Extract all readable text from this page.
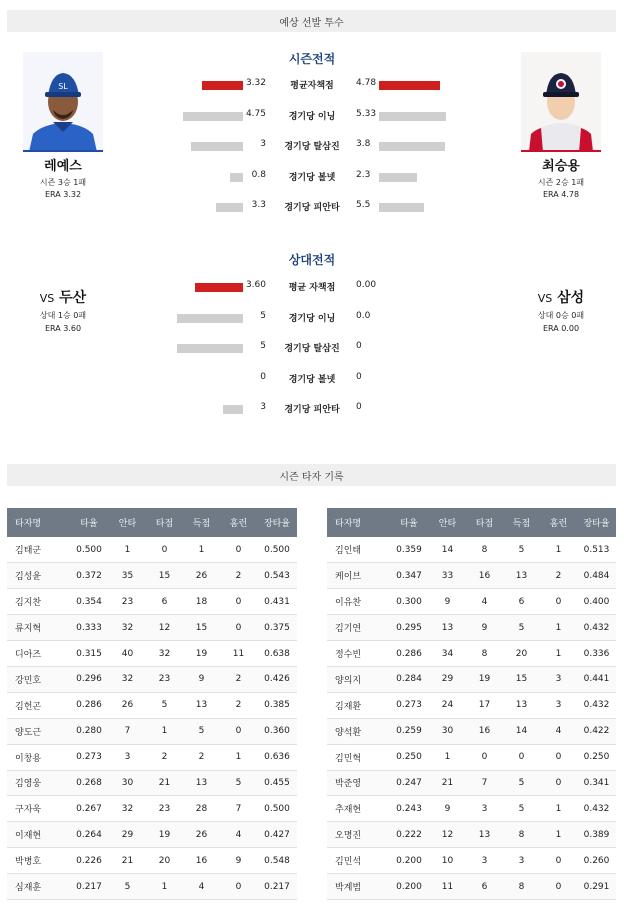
예상 선발 투수
시즌전적
SL
레예스
시즌 3승 1패
ERA 3.32
최승용
시즌 2승 1패
ERA 4.78
3.32	평균자책점	4.78
4.75	경기당 이닝	5.33
3	경기당 탈삼진	3.8
0.8	경기당 볼넷	2.3
3.3	경기당 피안타	5.5
상대전적
VS 두산
상대 1승 0패
ERA 3.60
VS 삼성
상대 0승 0패
ERA 0.00
3.60	평균 자책점	0.00
5	경기당 이닝	0.0
5	경기당 탈삼진	0
0	경기당 볼넷	0
3	경기당 피안타	0
시즌 타자 기록
타자명	타율	안타	타점	득점	홈런	장타율
김태군	0.500	1	0	1	0	0.500
김성윤	0.372	35	15	26	2	0.543
김지찬	0.354	23	6	18	0	0.431
류지혁	0.333	32	12	15	0	0.375
디아즈	0.315	40	32	19	11	0.638
강민호	0.296	32	23	9	2	0.426
김헌곤	0.286	26	5	13	2	0.385
양도근	0.280	7	1	5	0	0.360
이창용	0.273	3	2	2	1	0.636
김영웅	0.268	30	21	13	5	0.455
구자욱	0.267	32	23	28	7	0.500
이재현	0.264	29	19	26	4	0.427
박병호	0.226	21	20	16	9	0.548
심재훈	0.217	5	1	4	0	0.217
타자명	타율	안타	타점	득점	홈런	장타율
김인태	0.359	14	8	5	1	0.513
케이브	0.347	33	16	13	2	0.484
이유찬	0.300	9	4	6	0	0.400
김기연	0.295	13	9	5	1	0.432
정수빈	0.286	34	8	20	1	0.336
양의지	0.284	29	19	15	3	0.441
김재환	0.273	24	17	13	3	0.432
양석환	0.259	30	16	14	4	0.422
김민혁	0.250	1	0	0	0	0.250
박준영	0.247	21	7	5	0	0.341
추재현	0.243	9	3	5	1	0.432
오명진	0.222	12	13	8	1	0.389
김민석	0.200	10	3	3	0	0.260
박계범	0.200	11	6	8	0	0.291
